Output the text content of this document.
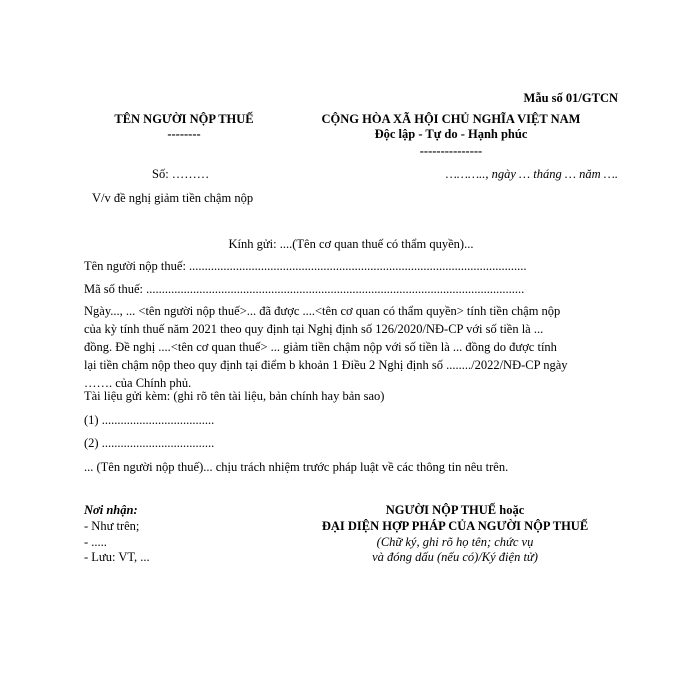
Mẫu số 01/GTCN
TÊN NGƯỜI NỘP THUẾ
--------
Số: ………
V/v đề nghị giảm tiền chậm nộp
CỘNG HÒA XÃ HỘI CHỦ NGHĨA VIỆT NAM
Độc lập - Tự do - Hạnh phúc
---------------
……….., ngày … tháng … năm ….
Kính gửi: ....(Tên cơ quan thuế có thẩm quyền)...
Tên người nộp thuế: ............................................................................................................
Mã số thuế: .........................................................................................................................
Ngày..., ... <tên người nộp thuế>... đã được ....<tên cơ quan có thẩm quyền> tính tiền chậm nộp
của kỳ tính thuế năm 2021 theo quy định tại Nghị định số 126/2020/NĐ-CP với số tiền là ...
đồng. Đề nghị ....<tên cơ quan thuế> ... giảm tiền chậm nộp với số tiền là ... đồng do được tính
lại tiền chậm nộp theo quy định tại điểm b khoản 1 Điều 2 Nghị định số ......../2022/NĐ-CP ngày
……. của Chính phủ.
Tài liệu gửi kèm: (ghi rõ tên tài liệu, bản chính hay bản sao)
(1) ....................................
(2) ....................................
... (Tên người nộp thuế)... chịu trách nhiệm trước pháp luật về các thông tin nêu trên.
Nơi nhận:
- Như trên;
- .....
- Lưu: VT, ...
NGƯỜI NỘP THUẾ hoặc
ĐẠI DIỆN HỢP PHÁP CỦA NGƯỜI NỘP THUẾ
(Chữ ký, ghi rõ họ tên; chức vụ
và đóng dấu (nếu có)/Ký điện tử)
